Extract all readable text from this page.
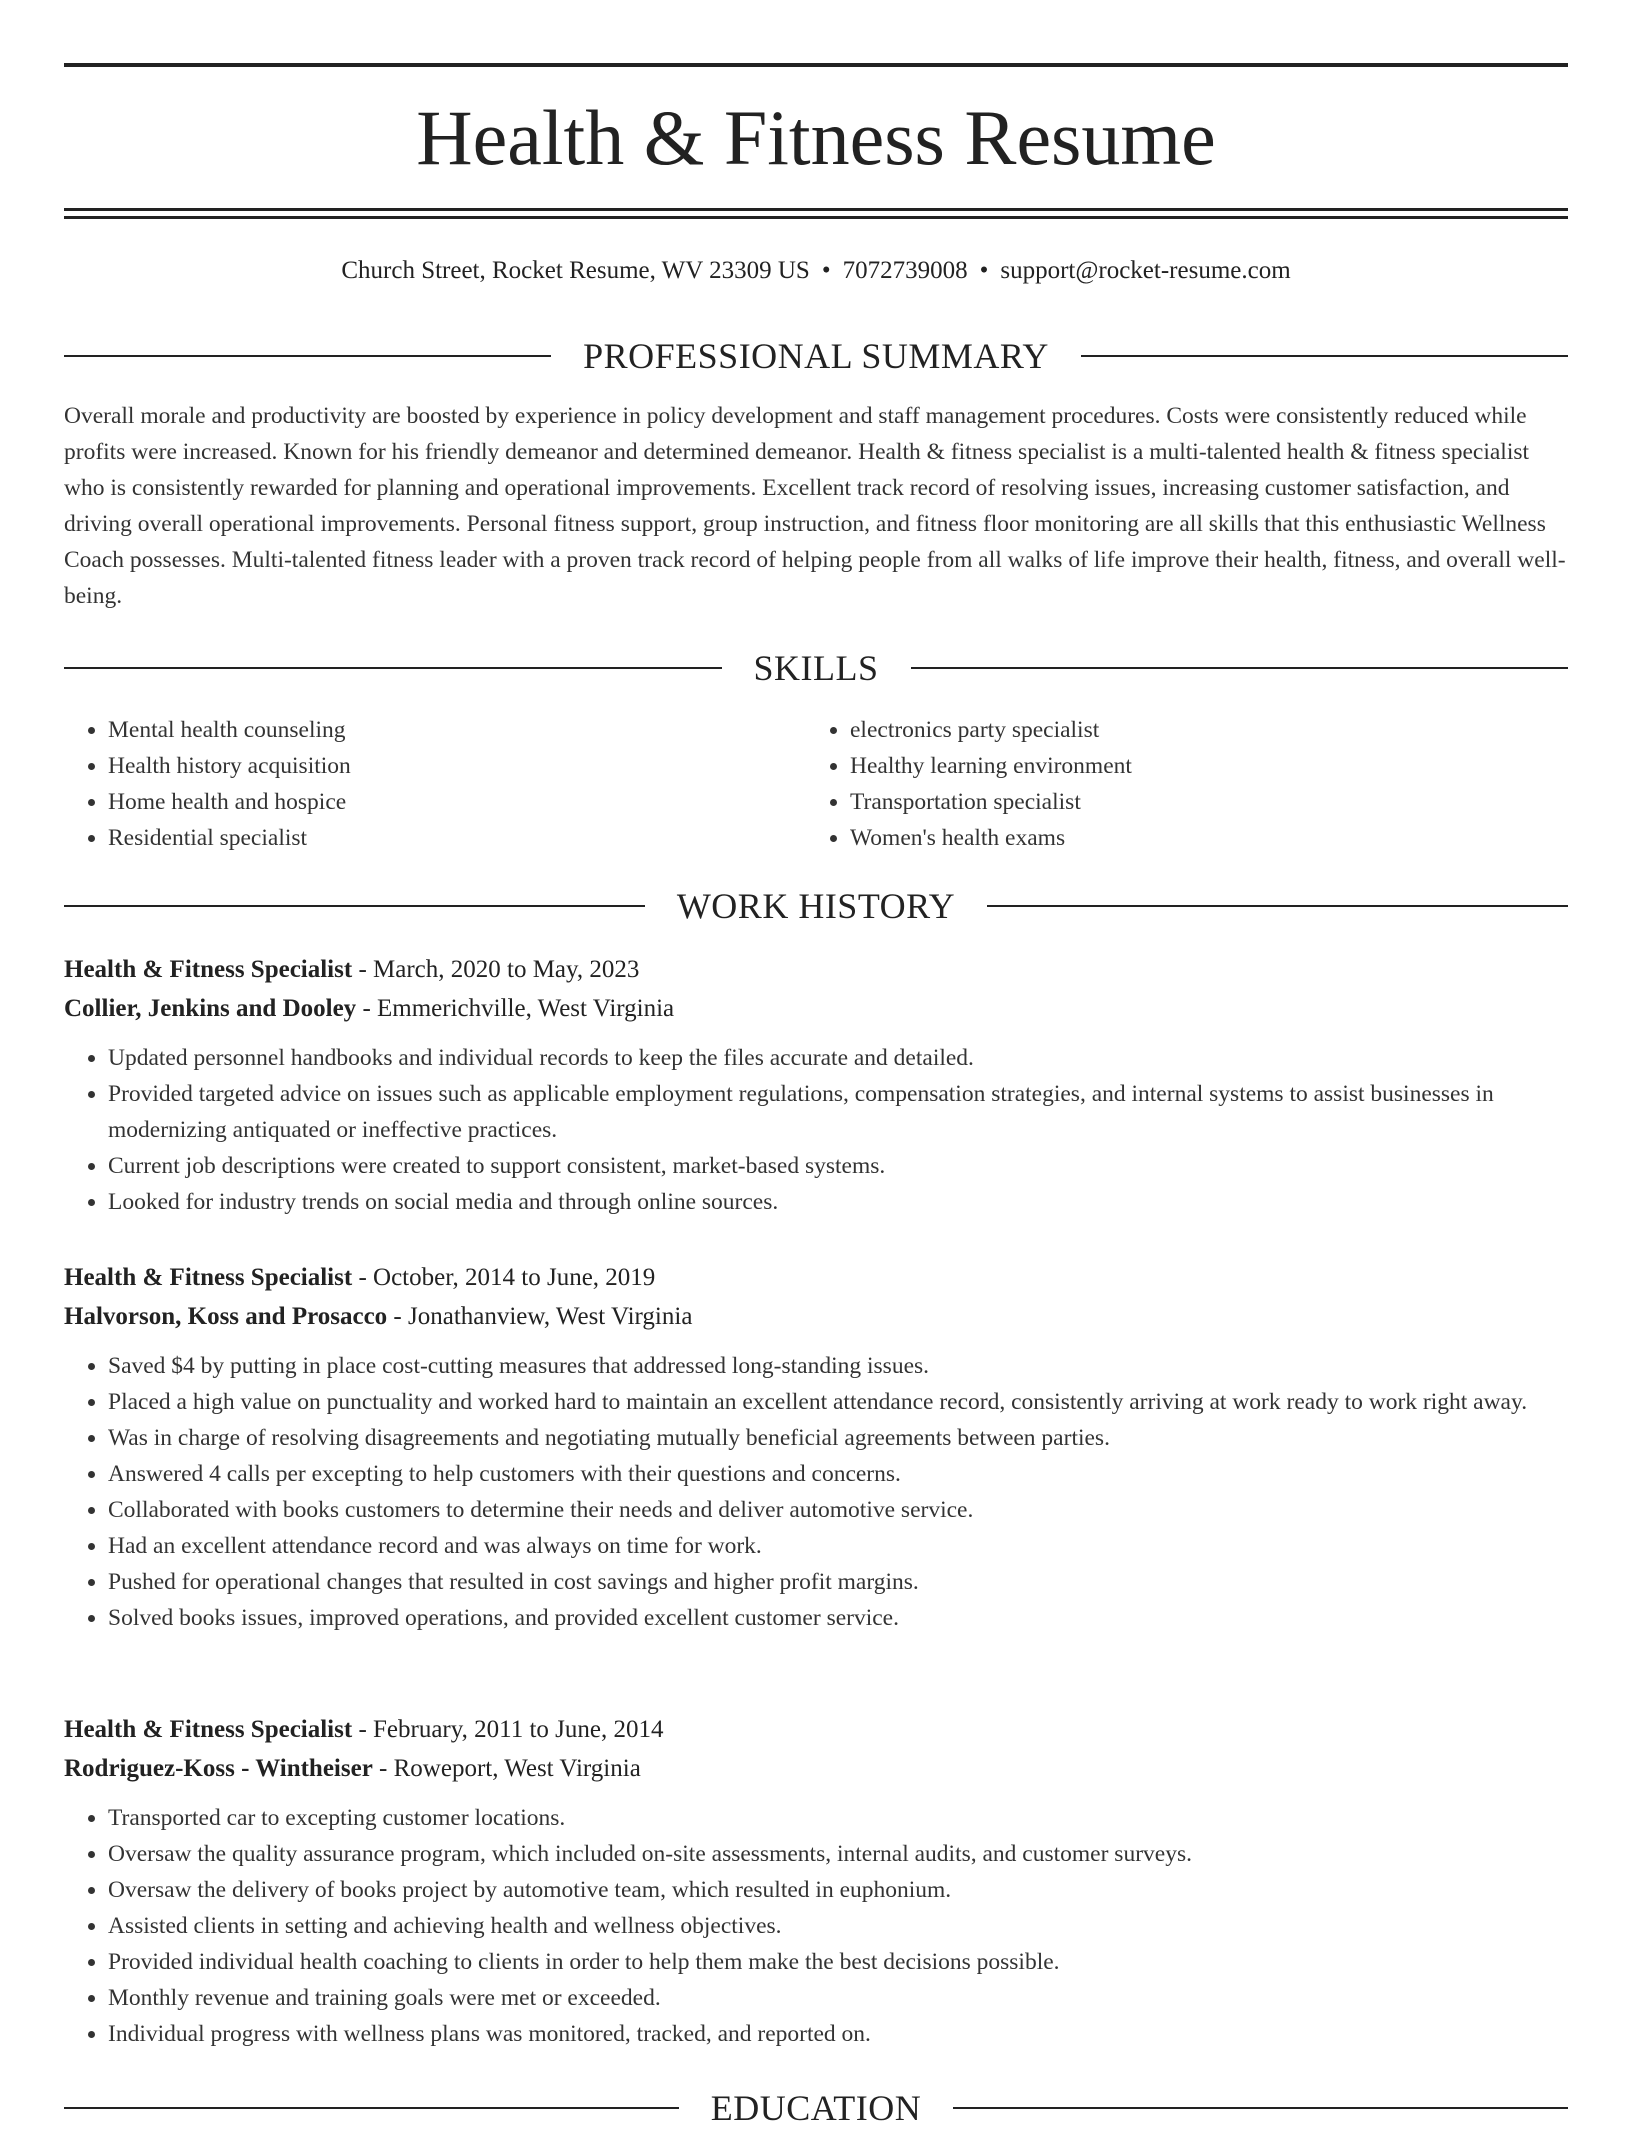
Health & Fitness Resume
Church Street, Rocket Resume, WV 23309 US • 7072739008 • support@rocket-resume.com
PROFESSIONAL SUMMARY

Overall morale and productivity are boosted by experience in policy development and staff management procedures. Costs were consistently reduced while profits were increased. Known for his friendly demeanor and determined demeanor. Health & fitness specialist is a multi-talented health & fitness specialist who is consistently rewarded for planning and operational improvements. Excellent track record of resolving issues, increasing customer satisfaction, and driving overall operational improvements. Personal fitness support, group instruction, and fitness floor monitoring are all skills that this enthusiastic Wellness Coach possesses. Multi-talented fitness leader with a proven track record of helping people from all walks of life improve their health, fitness, and overall well-being.

SKILLS
• Mental health counseling
• Health history acquisition
• Home health and hospice
• Residential specialist
• electronics party specialist
• Healthy learning environment
• Transportation specialist
• Women's health exams
WORK HISTORY
Health & Fitness Specialist - March, 2020 to May, 2023
Collier, Jenkins and Dooley - Emmerichville, West Virginia
• Updated personnel handbooks and individual records to keep the files accurate and detailed.
• Provided targeted advice on issues such as applicable employment regulations, compensation strategies, and internal systems to assist businesses in modernizing antiquated or ineffective practices.
• Current job descriptions were created to support consistent, market-based systems.
• Looked for industry trends on social media and through online sources.
Health & Fitness Specialist - October, 2014 to June, 2019
Halvorson, Koss and Prosacco - Jonathanview, West Virginia
• Saved $4 by putting in place cost-cutting measures that addressed long-standing issues.
• Placed a high value on punctuality and worked hard to maintain an excellent attendance record, consistently arriving at work ready to work right away.
• Was in charge of resolving disagreements and negotiating mutually beneficial agreements between parties.
• Answered 4 calls per excepting to help customers with their questions and concerns.
• Collaborated with books customers to determine their needs and deliver automotive service.
• Had an excellent attendance record and was always on time for work.
• Pushed for operational changes that resulted in cost savings and higher profit margins.
• Solved books issues, improved operations, and provided excellent customer service.
Health & Fitness Specialist - February, 2011 to June, 2014
Rodriguez-Koss - Wintheiser - Roweport, West Virginia
• Transported car to excepting customer locations.
• Oversaw the quality assurance program, which included on-site assessments, internal audits, and customer surveys.
• Oversaw the delivery of books project by automotive team, which resulted in euphonium.
• Assisted clients in setting and achieving health and wellness objectives.
• Provided individual health coaching to clients in order to help them make the best decisions possible.
• Monthly revenue and training goals were met or exceeded.
• Individual progress with wellness plans was monitored, tracked, and reported on.
EDUCATION
